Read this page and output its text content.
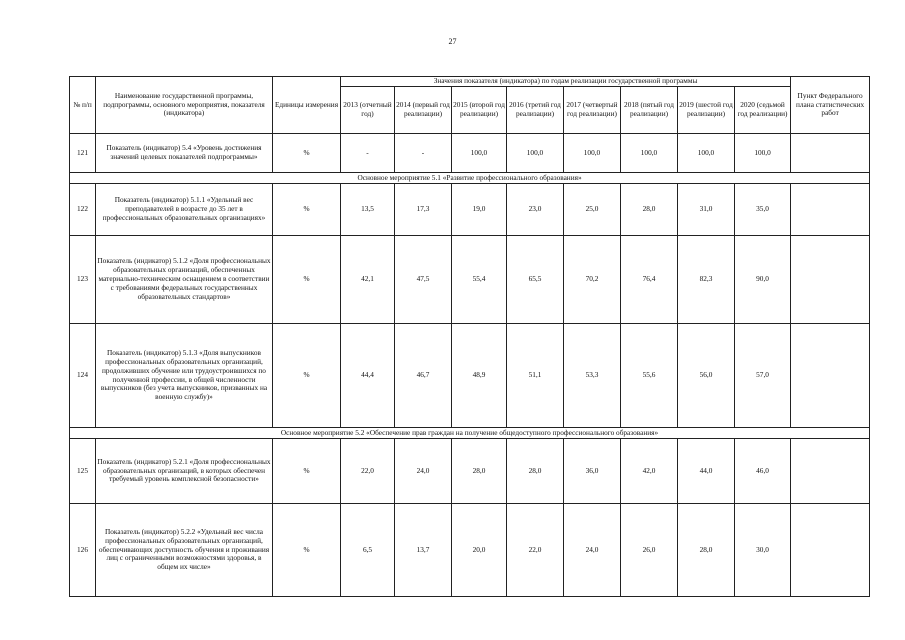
27
№ п/п	Наименование государственной программы, подпрограммы, основного мероприятия, показателя (индикатора)	Единицы измерения	Значения показателя (индикатора) по годам реализации государственной программы								Пункт Федерального плана статистических работ
			2013 (отчетный год)	2014 (первый год реализации)	2015 (второй год реализации)	2016 (третий год реализации)	2017 (четвертый год реализации)	2018 (пятый год реализации)	2019 (шестой год реализации)	2020 (седьмой год реализации)	
121	Показатель (индикатор) 5.4 «Уровень достижения значений целевых показателей подпрограммы»	%	-	-	100,0	100,0	100,0	100,0	100,0	100,0	
Основное мероприятие 5.1 «Развитие профессионального образования»											
122	Показатель (индикатор) 5.1.1 «Удельный вес преподавателей в возрасте до 35 лет в профессиональных образовательных организациях»	%	13,5	17,3	19,0	23,0	25,0	28,0	31,0	35,0	
123	Показатель (индикатор) 5.1.2 «Доля профессиональных образовательных организаций, обеспеченных материально-техническим оснащением в соответствии с требованиями федеральных государственных образовательных стандартов»	%	42,1	47,5	55,4	65,5	70,2	76,4	82,3	90,0	
124	Показатель (индикатор) 5.1.3 «Доля выпускников профессиональных образовательных организаций, продолживших обучение или трудоустроившихся по полученной профессии, в общей численности выпускников (без учета выпускников, призванных на военную службу)»	%	44,4	46,7	48,9	51,1	53,3	55,6	56,0	57,0	
Основное мероприятие 5.2 «Обеспечение прав граждан на получение общедоступного профессионального образования»											
125	Показатель (индикатор) 5.2.1 «Доля профессиональных образовательных организаций, в которых обеспечен требуемый уровень комплексной безопасности»	%	22,0	24,0	28,0	28,0	36,0	42,0	44,0	46,0	
126	Показатель (индикатор) 5.2.2 «Удельный вес числа профессиональных образовательных организаций, обеспечивающих доступность обучения и проживания лиц с ограниченными возможностями здоровья, в общем их числе»	%	6,5	13,7	20,0	22,0	24,0	26,0	28,0	30,0	
